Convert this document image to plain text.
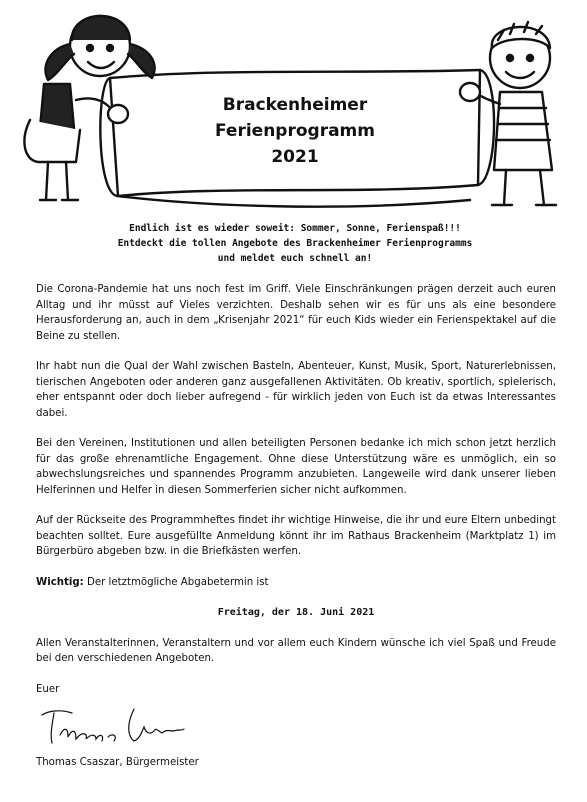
Brackenheimer
Ferienprogramm
2021
Endlich ist es wieder soweit: Sommer, Sonne, Ferienspaß!!!
Entdeckt die tollen Angebote des Brackenheimer Ferienprogramms
und meldet euch schnell an!

Die Corona-Pandemie hat uns noch fest im Griff. Viele Einschränkungen prägen derzeit auch euren Alltag und ihr müsst auf Vieles verzichten. Deshalb sehen wir es für uns als eine besondere Herausforderung an, auch in dem „Krisenjahr 2021“ für euch Kids wieder ein Ferienspektakel auf die Beine zu stellen.

Ihr habt nun die Qual der Wahl zwischen Basteln, Abenteuer, Kunst, Musik, Sport, Naturerlebnissen, tierischen Angeboten oder anderen ganz ausgefallenen Aktivitäten. Ob kreativ, sportlich, spielerisch, eher entspannt oder doch lieber aufregend - für wirklich jeden von Euch ist da etwas Interessantes dabei.

Bei den Vereinen, Institutionen und allen beteiligten Personen bedanke ich mich schon jetzt herzlich für das große ehrenamtliche Engagement. Ohne diese Unterstützung wäre es unmöglich, ein so abwechslungsreiches und spannendes Programm anzubieten. Langeweile wird dank unserer lieben Helferinnen und Helfer in diesen Sommerferien sicher nicht aufkommen.

Auf der Rückseite des Programmheftes findet ihr wichtige Hinweise, die ihr und eure Eltern unbedingt beachten solltet. Eure ausgefüllte Anmeldung könnt ihr im Rathaus Brackenheim (Marktplatz 1) im Bürgerbüro abgeben bzw. in die Briefkästen werfen.

Wichtig: Der letztmögliche Abgabetermin ist

Freitag, der 18. Juni 2021

Allen Veranstalterinnen, Veranstaltern und vor allem euch Kindern wünsche ich viel Spaß und Freude bei den verschiedenen Angeboten.

Euer

Thomas Csaszar, Bürgermeister
